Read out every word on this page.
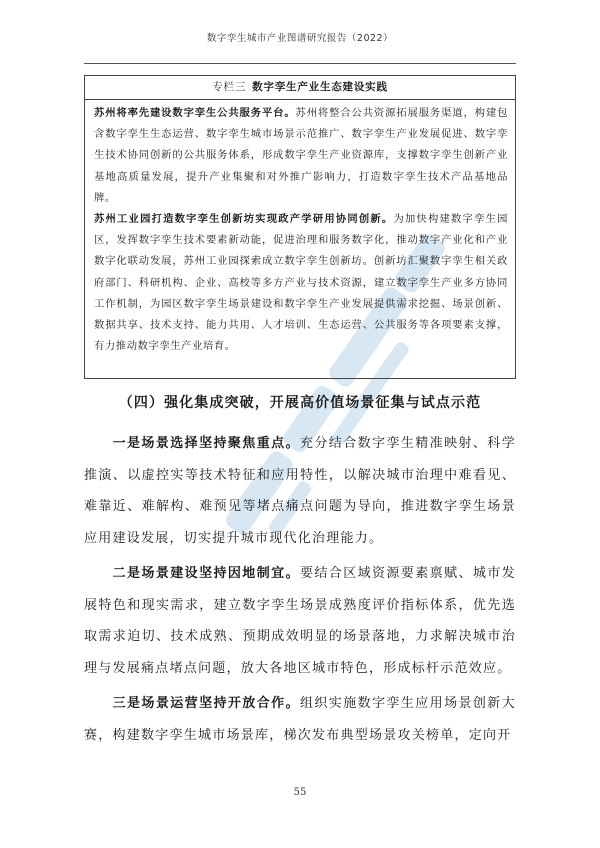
数字孪生城市产业图谱研究报告（2022）
专栏三 数字孪生产业生态建设实践

苏州将率先建设数字孪生公共服务平台。苏州将整合公共资源拓展服务渠道，构建包含数字孪生生态运营、数字孪生城市场景示范推广、数字孪生产业发展促进、数字孪生技术协同创新的公共服务体系，形成数字孪生产业资源库，支撑数字孪生创新产业基地高质量发展，提升产业集聚和对外推广影响力，打造数字孪生技术产品基地品牌。

苏州工业园打造数字孪生创新坊实现政产学研用协同创新。为加快构建数字孪生园区，发挥数字孪生技术要素新动能，促进治理和服务数字化，推动数字产业化和产业数字化联动发展，苏州工业园探索成立数字孪生创新坊。创新坊汇聚数字孪生相关政府部门、科研机构、企业、高校等多方产业与技术资源，建立数字孪生产业多方协同工作机制，为园区数字孪生场景建设和数字孪生产业发展提供需求挖掘、场景创新、数据共享、技术支持、能力共用、人才培训、生态运营、公共服务等各项要素支撑，有力推动数字孪生产业培育。

（四）强化集成突破，开展高价值场景征集与试点示范

一是场景选择坚持聚焦重点。充分结合数字孪生精准映射、科学推演、以虚控实等技术特征和应用特性，以解决城市治理中难看见、难靠近、难解构、难预见等堵点痛点问题为导向，推进数字孪生场景应用建设发展，切实提升城市现代化治理能力。

二是场景建设坚持因地制宜。要结合区域资源要素禀赋、城市发展特色和现实需求，建立数字孪生场景成熟度评价指标体系，优先选取需求迫切、技术成熟、预期成效明显的场景落地，力求解决城市治理与发展痛点堵点问题，放大各地区城市特色，形成标杆示范效应。

三是场景运营坚持开放合作。组织实施数字孪生应用场景创新大赛，构建数字孪生城市场景库，梯次发布典型场景攻关榜单，定向开

55
